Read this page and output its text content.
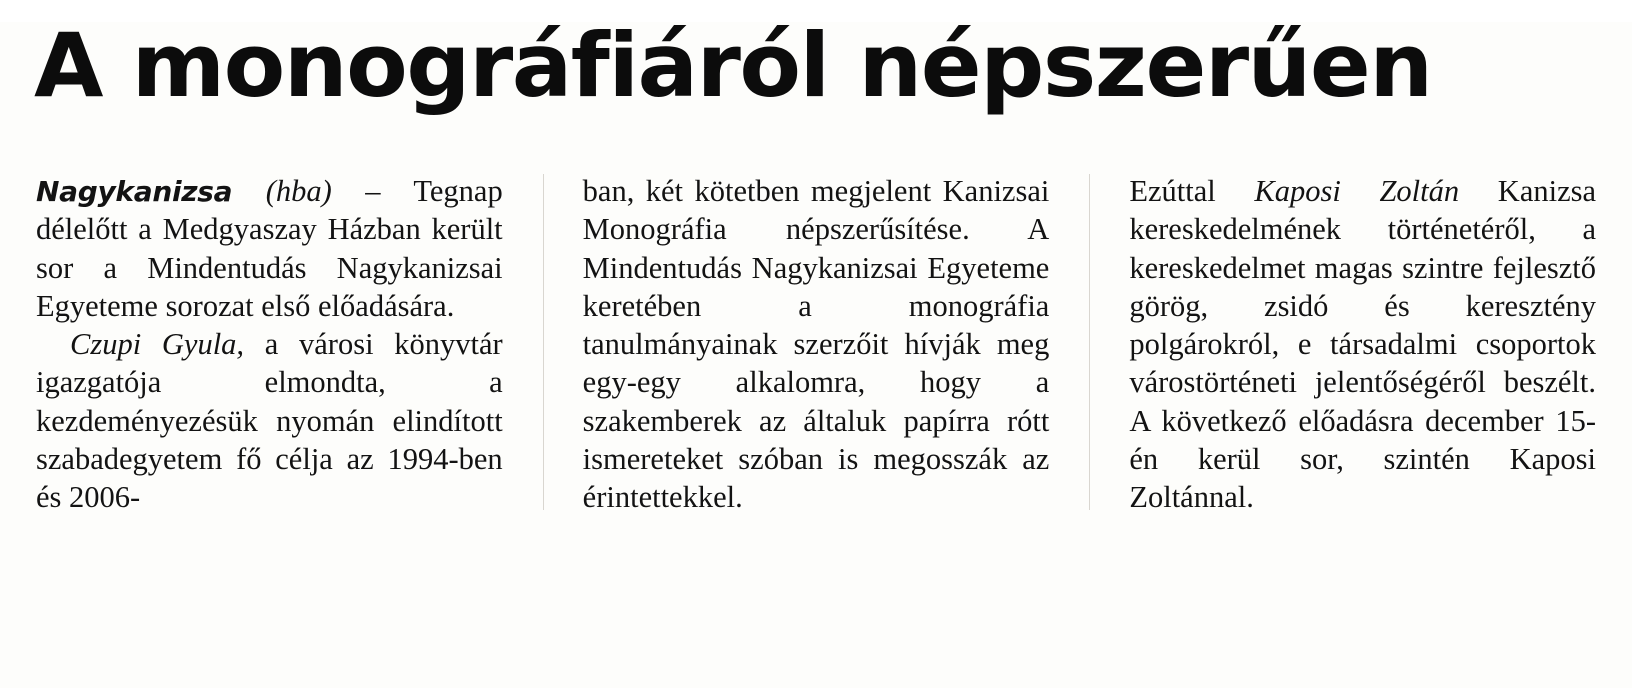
A monográfiáról népszerűen

Nagykanizsa (hba) – Tegnap délelőtt a Medgyaszay Házban került sor a Mindentudás Nagykanizsai Egyeteme sorozat első előadására.

Czupi Gyula, a városi könyvtár igazgatója elmondta, a kezdeményezésük nyomán elindított szabadegyetem fő célja az 1994-ben és 2006-

ban, két kötetben megjelent Kanizsai Monográfia népszerűsítése. A Mindentudás Nagykanizsai Egyeteme keretében a monográfia tanulmányainak szerzőit hívják meg egy-egy alkalomra, hogy a szakemberek az általuk papírra rótt ismereteket szóban is megosszák az érintettekkel.

Ezúttal Kaposi Zoltán Kanizsa kereskedelmének történetéről, a kereskedelmet magas szintre fejlesztő görög, zsidó és keresztény polgárokról, e társadalmi csoportok várostörténeti jelentőségéről beszélt. A következő előadásra december 15-én kerül sor, szintén Kaposi Zoltánnal.
